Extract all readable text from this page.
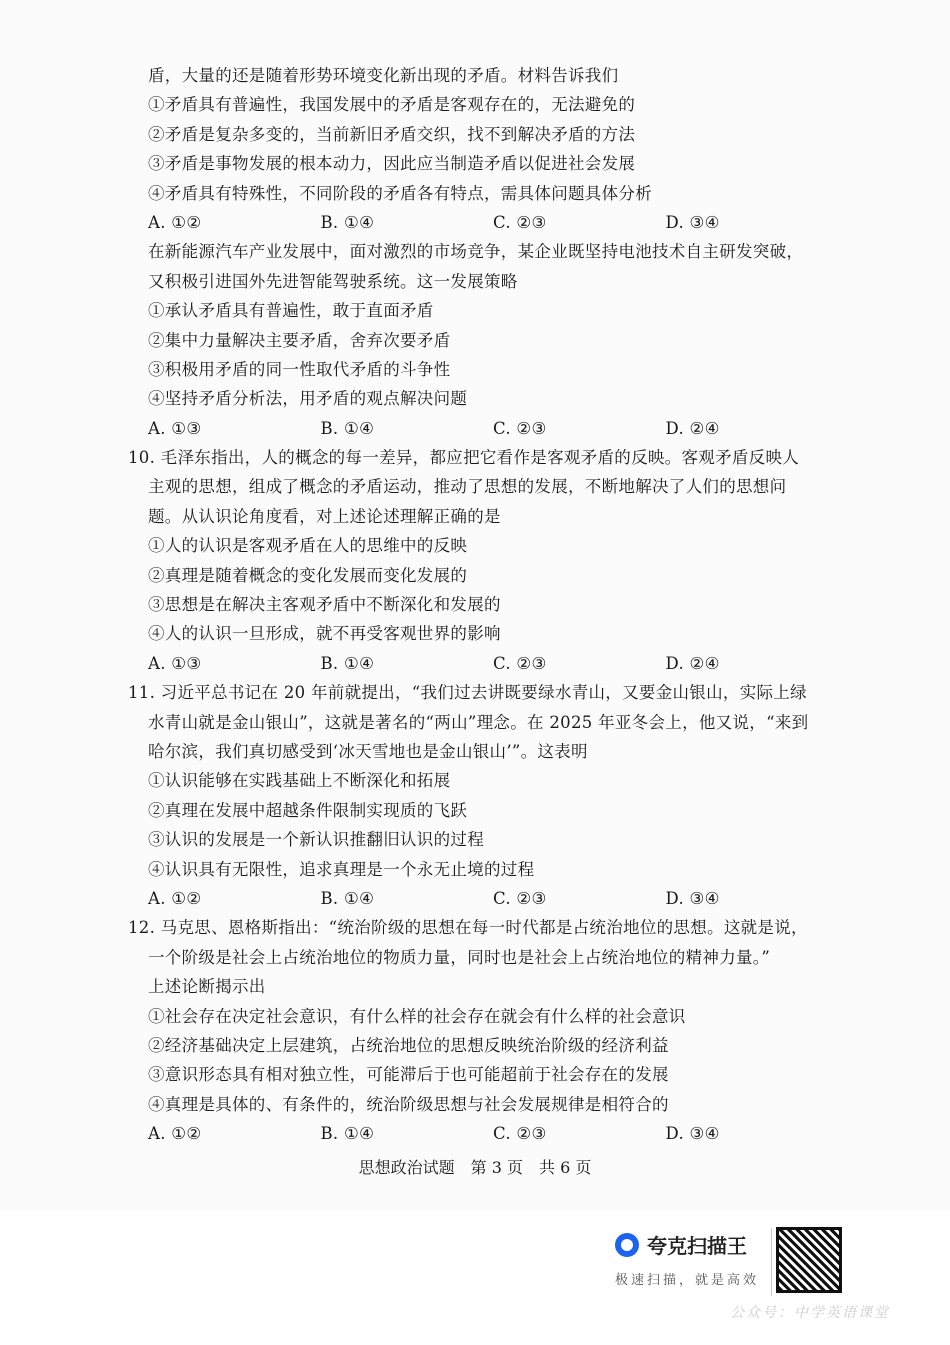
盾，大量的还是随着形势环境变化新出现的矛盾。材料告诉我们
①矛盾具有普遍性，我国发展中的矛盾是客观存在的，无法避免的
②矛盾是复杂多变的，当前新旧矛盾交织，找不到解决矛盾的方法
③矛盾是事物发展的根本动力，因此应当制造矛盾以促进社会发展
④矛盾具有特殊性，不同阶段的矛盾各有特点，需具体问题具体分析
A. ①②	B. ①④	C. ②③	D. ③④
在新能源汽车产业发展中，面对激烈的市场竞争，某企业既坚持电池技术自主研发突破，
又积极引进国外先进智能驾驶系统。这一发展策略
①承认矛盾具有普遍性，敢于直面矛盾
②集中力量解决主要矛盾，舍弃次要矛盾
③积极用矛盾的同一性取代矛盾的斗争性
④坚持矛盾分析法，用矛盾的观点解决问题
A. ①③	B. ①④	C. ②③	D. ②④
10. 毛泽东指出，人的概念的每一差异，都应把它看作是客观矛盾的反映。客观矛盾反映人
主观的思想，组成了概念的矛盾运动，推动了思想的发展，不断地解决了人们的思想问
题。从认识论角度看，对上述论述理解正确的是
①人的认识是客观矛盾在人的思维中的反映
②真理是随着概念的变化发展而变化发展的
③思想是在解决主客观矛盾中不断深化和发展的
④人的认识一旦形成，就不再受客观世界的影响
A. ①③	B. ①④	C. ②③	D. ②④
11. 习近平总书记在 20 年前就提出，“我们过去讲既要绿水青山，又要金山银山，实际上绿
水青山就是金山银山”，这就是著名的“两山”理念。在 2025 年亚冬会上，他又说，“来到
哈尔滨，我们真切感受到‘冰天雪地也是金山银山’”。这表明
①认识能够在实践基础上不断深化和拓展
②真理在发展中超越条件限制实现质的飞跃
③认识的发展是一个新认识推翻旧认识的过程
④认识具有无限性，追求真理是一个永无止境的过程
A. ①②	B. ①④	C. ②③	D. ③④
12. 马克思、恩格斯指出：“统治阶级的思想在每一时代都是占统治地位的思想。这就是说，
一个阶级是社会上占统治地位的物质力量，同时也是社会上占统治地位的精神力量。”
上述论断揭示出
①社会存在决定社会意识，有什么样的社会存在就会有什么样的社会意识
②经济基础决定上层建筑，占统治地位的思想反映统治阶级的经济利益
③意识形态具有相对独立性，可能滞后于也可能超前于社会存在的发展
④真理是具体的、有条件的，统治阶级思想与社会发展规律是相符合的
A. ①②	B. ①④	C. ②③	D. ③④
思想政治试题　第 3 页　共 6 页
夸克扫描王
极速扫描，就是高效
公众号：中学英语课堂
